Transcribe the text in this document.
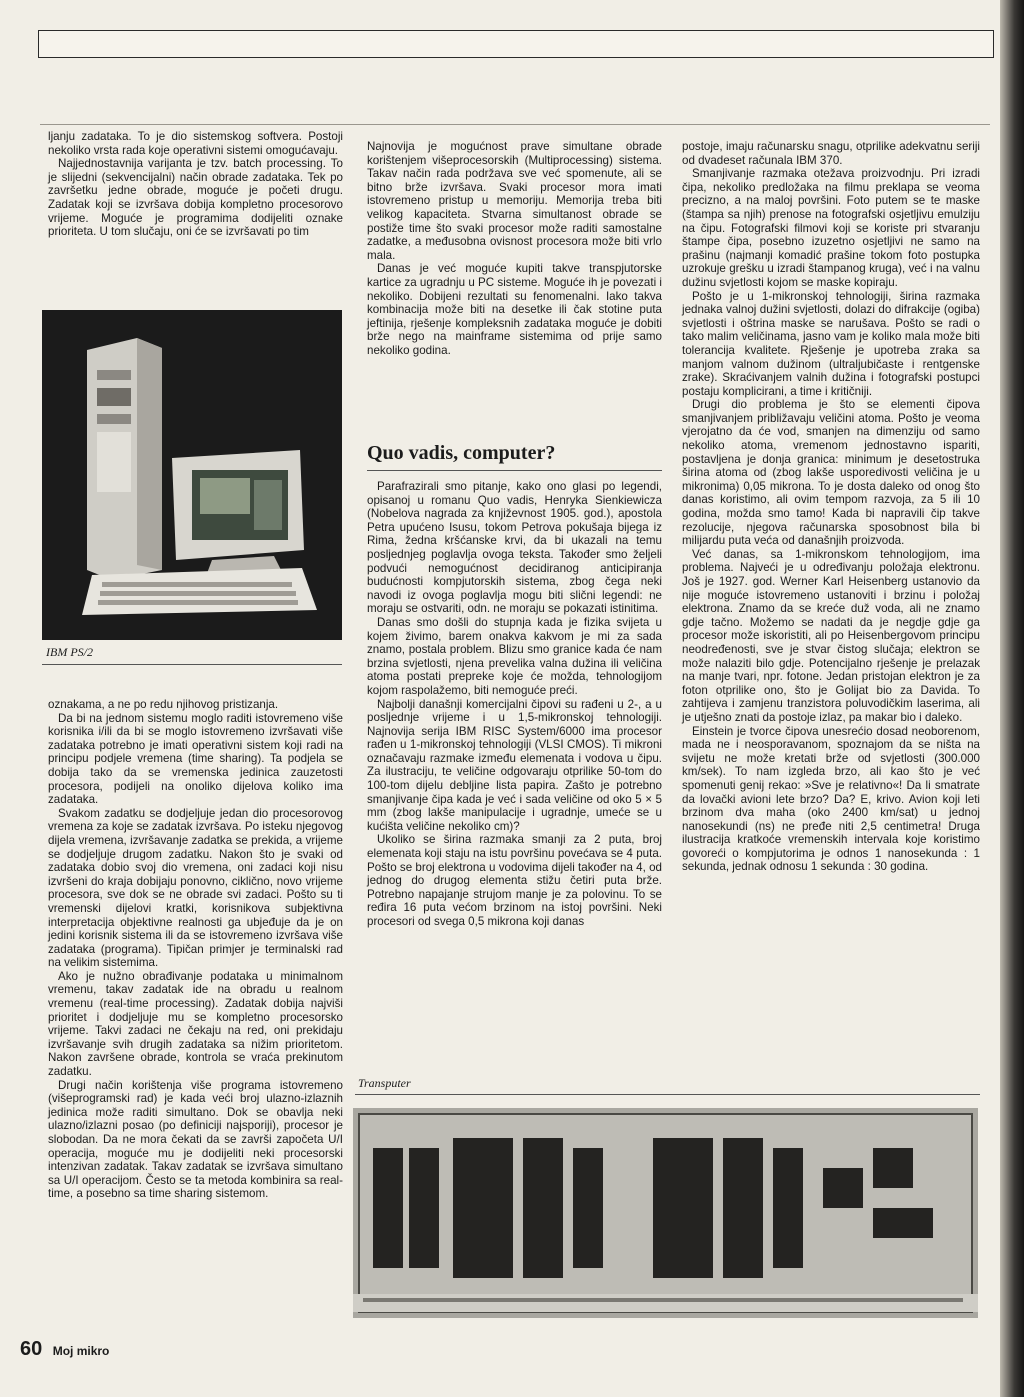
ljanju zadataka. To je dio sistemskog softvera. Postoji nekoliko vrsta rada koje operativni sistemi omogućavaju.

Najjednostavnija varijanta je tzv. batch processing. To je slijedni (sekvencijalni) način obrade zadataka. Tek po završetku jedne obrade, moguće je početi drugu. Zadatak koji se izvršava dobija kompletno procesorovo vrijeme. Moguće je programima dodijeliti oznake prioriteta. U tom slučaju, oni će se izvršavati po tim

IBM PS/2

oznakama, a ne po redu njihovog pristizanja.

Da bi na jednom sistemu moglo raditi istovremeno više korisnika i/ili da bi se moglo istovremeno izvršavati više zadataka potrebno je imati operativni sistem koji radi na principu podjele vremena (time sharing). Ta podjela se dobija tako da se vremenska jedinica zauzetosti procesora, podijeli na onoliko dijelova koliko ima zadataka.

Svakom zadatku se dodjeljuje jedan dio procesorovog vremena za koje se zadatak izvršava. Po isteku njegovog dijela vremena, izvršavanje zadatka se prekida, a vrijeme se dodjeljuje drugom zadatku. Nakon što je svaki od zadataka dobio svoj dio vremena, oni zadaci koji nisu izvršeni do kraja dobijaju ponovno, ciklično, novo vrijeme procesora, sve dok se ne obrade svi zadaci. Pošto su ti vremenski dijelovi kratki, korisnikova subjektivna interpretacija objektivne realnosti ga ubjeđuje da je on jedini korisnik sistema ili da se istovremeno izvršava više zadataka (programa). Tipičan primjer je terminalski rad na velikim sistemima.

Ako je nužno obrađivanje podataka u minimalnom vremenu, takav zadatak ide na obradu u realnom vremenu (real-time processing). Zadatak dobija najviši prioritet i dodjeljuje mu se kompletno procesorsko vrijeme. Takvi zadaci ne čekaju na red, oni prekidaju izvršavanje svih drugih zadataka sa nižim prioritetom. Nakon završene obrade, kontrola se vraća prekinutom zadatku.

Drugi način korištenja više programa istovremeno (višeprogramski rad) je kada veći broj ulazno-izlaznih jedinica može raditi simultano. Dok se obavlja neki ulazno/izlazni posao (po definiciji najsporiji), procesor je slobodan. Da ne mora čekati da se završi započeta U/I operacija, moguće mu je dodijeliti neki procesorski intenzivan zadatak. Takav zadatak se izvršava simultano sa U/I operacijom. Često se ta metoda kombinira sa real-time, a posebno sa time sharing sistemom.

Najnovija je mogućnost prave simultane obrade korištenjem višeprocesorskih (Multiprocessing) sistema. Takav način rada podržava sve već spomenute, ali se bitno brže izvršava. Svaki procesor mora imati istovremeno pristup u memoriju. Memorija treba biti velikog kapaciteta. Stvarna simultanost obrade se postiže time što svaki procesor može raditi samostalne zadatke, a međusobna ovisnost procesora može biti vrlo mala.

Danas je već moguće kupiti takve transpjutorske kartice za ugradnju u PC sisteme. Moguće ih je povezati i nekoliko. Dobijeni rezultati su fenomenalni. Iako takva kombinacija može biti na desetke ili čak stotine puta jeftinija, rješenje kompleksnih zadataka moguće je dobiti brže nego na mainframe sistemima od prije samo nekoliko godina.

Quo vadis, computer?

Parafrazirali smo pitanje, kako ono glasi po legendi, opisanoj u romanu Quo vadis, Henryka Sienkiewicza (Nobelova nagrada za književnost 1905. god.), apostola Petra upućeno Isusu, tokom Petrova pokušaja bijega iz Rima, žedna kršćanske krvi, da bi ukazali na temu posljednjeg poglavlja ovoga teksta. Također smo željeli podvući nemogućnost decidiranog anticipiranja budućnosti kompjutorskih sistema, zbog čega neki navodi iz ovoga poglavlja mogu biti slični legendi: ne moraju se ostvariti, odn. ne moraju se pokazati istinitima.

Danas smo došli do stupnja kada je fizika svijeta u kojem živimo, barem onakva kakvom je mi za sada znamo, postala problem. Blizu smo granice kada će nam brzina svjetlosti, njena prevelika valna dužina ili veličina atoma postati prepreke koje će možda, tehnologijom kojom raspolažemo, biti nemoguće preći.

Najbolji današnji komercijalni čipovi su rađeni u 2-, a u posljednje vrijeme i u 1,5-mikronskoj tehnologiji. Najnovija serija IBM RISC System/6000 ima procesor rađen u 1-mikronskoj tehnologiji (VLSI CMOS). Ti mikroni označavaju razmake između elemenata i vodova u čipu. Za ilustraciju, te veličine odgovaraju otprilike 50-tom do 100-tom dijelu debljine lista papira. Zašto je potrebno smanjivanje čipa kada je već i sada veličine od oko 5 × 5 mm (zbog lakše manipulacije i ugradnje, umeće se u kućišta veličine nekoliko cm)?

Ukoliko se širina razmaka smanji za 2 puta, broj elemenata koji staju na istu površinu povećava se 4 puta. Pošto se broj elektrona u vodovima dijeli također na 4, od jednog do drugog elementa stižu četiri puta brže. Potrebno napajanje strujom manje je za polovinu. To se ređira 16 puta većom brzinom na istoj površini. Neki procesori od svega 0,5 mikrona koji danas

postoje, imaju računarsku snagu, otprilike adekvatnu seriji od dvadeset računala IBM 370.

Smanjivanje razmaka otežava proizvodnju. Pri izradi čipa, nekoliko predložaka na filmu preklapa se veoma precizno, a na maloj površini. Foto putem se te maske (štampa sa njih) prenose na fotografski osjetljivu emulziju na čipu. Fotografski filmovi koji se koriste pri stvaranju štampe čipa, posebno izuzetno osjetljivi ne samo na prašinu (najmanji komadić prašine tokom foto postupka uzrokuje grešku u izradi štampanog kruga), već i na valnu dužinu svjetlosti kojom se maske kopiraju.

Pošto je u 1-mikronskoj tehnologiji, širina razmaka jednaka valnoj dužini svjetlosti, dolazi do difrakcije (ogiba) svjetlosti i oštrina maske se narušava. Pošto se radi o tako malim veličinama, jasno vam je koliko mala može biti tolerancija kvalitete. Rješenje je upotreba zraka sa manjom valnom dužinom (ultraljubičaste i rentgenske zrake). Skraćivanjem valnih dužina i fotografski postupci postaju komplicirani, a time i kritičniji.

Drugi dio problema je što se elementi čipova smanjivanjem približavaju veličini atoma. Pošto je veoma vjerojatno da će vod, smanjen na dimenziju od samo nekoliko atoma, vremenom jednostavno ispariti, postavljena je donja granica: minimum je desetostruka širina atoma od (zbog lakše usporedivosti veličina je u mikronima) 0,05 mikrona. To je dosta daleko od onog što danas koristimo, ali ovim tempom razvoja, za 5 ili 10 godina, možda smo tamo! Kada bi napravili čip takve rezolucije, njegova računarska sposobnost bila bi milijardu puta veća od današnjih proizvoda.

Već danas, sa 1-mikronskom tehnologijom, ima problema. Najveći je u određivanju položaja elektronu. Još je 1927. god. Werner Karl Heisenberg ustanovio da nije moguće istovremeno ustanoviti i brzinu i položaj elektrona. Znamo da se kreće duž voda, ali ne znamo gdje tačno. Možemo se nadati da je negdje gdje ga procesor može iskoristiti, ali po Heisenbergovom principu neodređenosti, sve je stvar čistog slučaja; elektron se može nalaziti bilo gdje. Potencijalno rješenje je prelazak na manje tvari, npr. fotone. Jedan pristojan elektron je za foton otprilike ono, što je Golijat bio za Davida. To zahtijeva i zamjenu tranzistora poluvodičkim laserima, ali je utješno znati da postoje izlaz, pa makar bio i daleko.

Einstein je tvorce čipova unesrećio dosad neoborenom, mada ne i neosporavanom, spoznajom da se ništa na svijetu ne može kretati brže od svjetlosti (300.000 km/sek). To nam izgleda brzo, ali kao što je već spomenuti genij rekao: »Sve je relativno«! Da li smatrate da lovački avioni lete brzo? Da? E, krivo. Avion koji leti brzinom dva maha (oko 2400 km/sat) u jednoj nanosekundi (ns) ne pređe niti 2,5 centimetra! Druga ilustracija kratkoće vremenskih intervala koje koristimo govoreći o kompjutorima je odnos 1 nanosekunda : 1 sekunda, jednak odnosu 1 sekunda : 30 godina.

Transputer
60 Moj mikro
